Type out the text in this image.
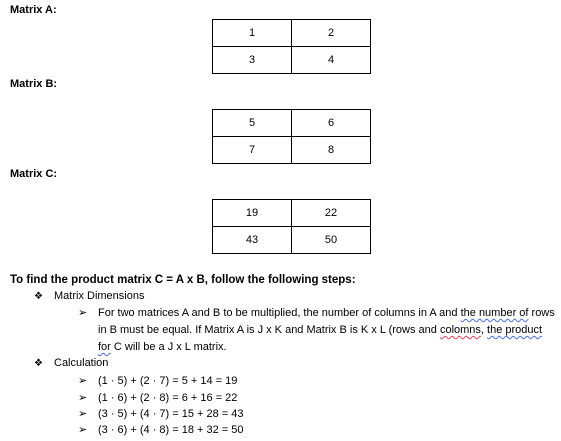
Matrix A:
1	2
3	4
Matrix B:
5	6
7	8
Matrix C:
19	22
43	50
To find the product matrix C = A x B, follow the following steps:
❖ Matrix Dimensions
➢ For two matrices A and B to be multiplied, the number of columns in A and the number of rows in B must be equal. If Matrix A is J x K and Matrix B is K x L (rows and colomns, the product for C will be a J x L matrix.
❖ Calculation
➢ (1 · 5) + (2 · 7) = 5 + 14 = 19
➢ (1 · 6) + (2 · 8) = 6 + 16 = 22
➢ (3 · 5) + (4 · 7) = 15 + 28 = 43
➢ (3 · 6) + (4 · 8) = 18 + 32 = 50
